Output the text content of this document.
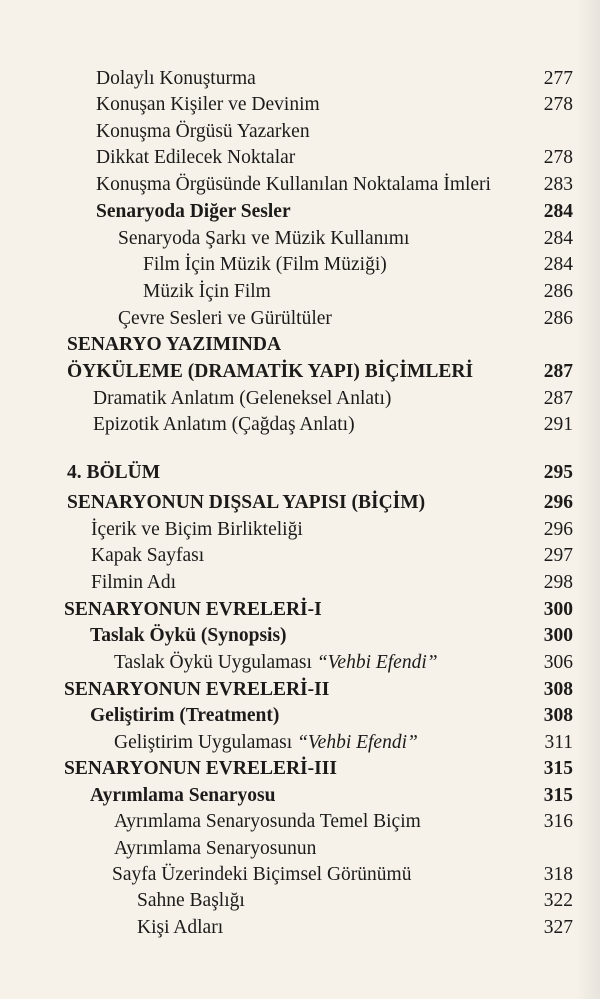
Dolaylı Konuşturma	277
Konuşan Kişiler ve Devinim	278
Konuşma Örgüsü Yazarken
Dikkat Edilecek Noktalar	278
Konuşma Örgüsünde Kullanılan Noktalama İmleri	283
Senaryoda Diğer Sesler	284
Senaryoda Şarkı ve Müzik Kullanımı	284
Film İçin Müzik (Film Müziği)	284
Müzik İçin Film	286
Çevre Sesleri ve Gürültüler	286
SENARYO YAZIMINDA
ÖYKÜLEME (DRAMATİK YAPI) BİÇİMLERİ	287
Dramatik Anlatım (Geleneksel Anlatı)	287
Epizotik Anlatım (Çağdaş Anlatı)	291
4. BÖLÜM	295
SENARYONUN DIŞSAL YAPISI (BİÇİM)	296
İçerik ve Biçim Birlikteliği	296
Kapak Sayfası	297
Filmin Adı	298
SENARYONUN EVRELERİ-I	300
Taslak Öykü (Synopsis)	300
Taslak Öykü Uygulaması “Vehbi Efendi”	306
SENARYONUN EVRELERİ-II	308
Geliştirim (Treatment)	308
Geliştirim Uygulaması “Vehbi Efendi”	311
SENARYONUN EVRELERİ-III	315
Ayrımlama Senaryosu	315
Ayrımlama Senaryosunda Temel Biçim	316
Ayrımlama Senaryosunun
Sayfa Üzerindeki Biçimsel Görünümü	318
Sahne Başlığı	322
Kişi Adları	327
